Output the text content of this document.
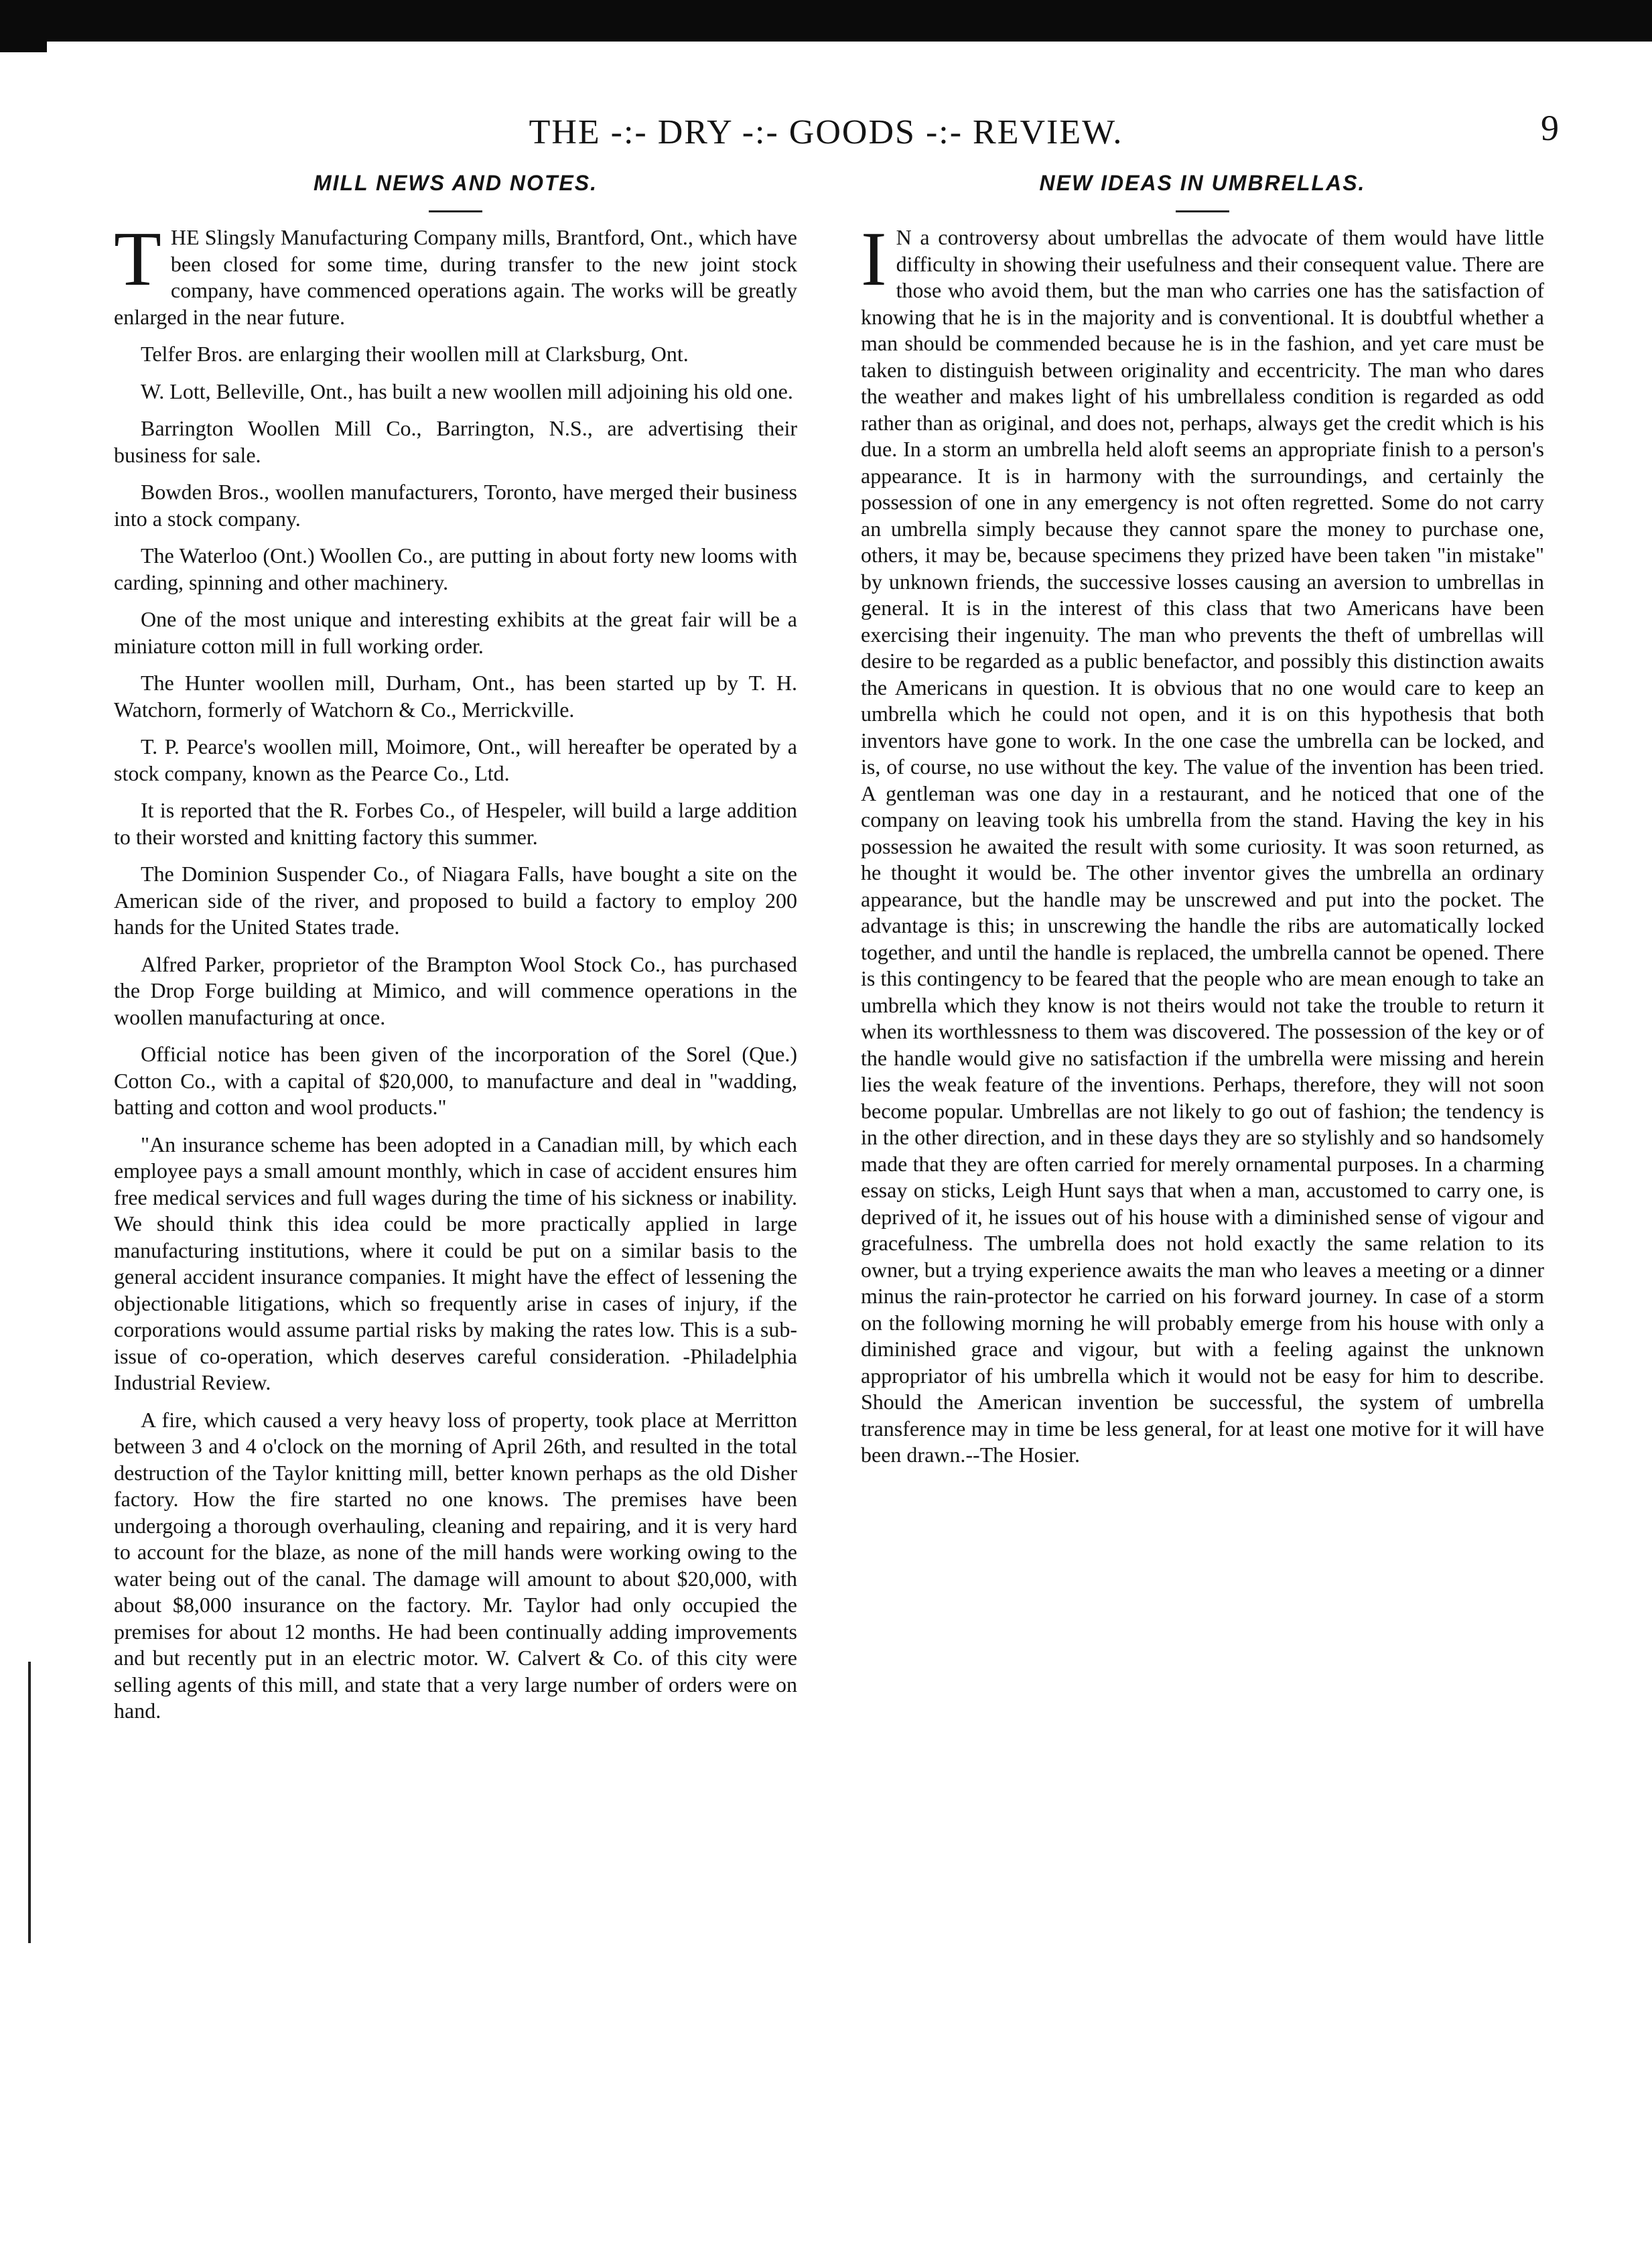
THE -:- DRY -:- GOODS -:- REVIEW.	9
MILL NEWS AND NOTES.

THE Slingsly Manufacturing Company mills, Brantford, Ont., which have been closed for some time, during transfer to the new joint stock company, have commenced operations again. The works will be greatly enlarged in the near future.

Telfer Bros. are enlarging their woollen mill at Clarksburg, Ont.

W. Lott, Belleville, Ont., has built a new woollen mill adjoining his old one.

Barrington Woollen Mill Co., Barrington, N.S., are advertising their business for sale.

Bowden Bros., woollen manufacturers, Toronto, have merged their business into a stock company.

The Waterloo (Ont.) Woollen Co., are putting in about forty new looms with carding, spinning and other machinery.

One of the most unique and interesting exhibits at the great fair will be a miniature cotton mill in full working order.

The Hunter woollen mill, Durham, Ont., has been started up by T. H. Watchorn, formerly of Watchorn & Co., Merrickville.

T. P. Pearce's woollen mill, Moimore, Ont., will hereafter be operated by a stock company, known as the Pearce Co., Ltd.

It is reported that the R. Forbes Co., of Hespeler, will build a large addition to their worsted and knitting factory this summer.

The Dominion Suspender Co., of Niagara Falls, have bought a site on the American side of the river, and proposed to build a factory to employ 200 hands for the United States trade.

Alfred Parker, proprietor of the Brampton Wool Stock Co., has purchased the Drop Forge building at Mimico, and will commence operations in the woollen manufacturing at once.

Official notice has been given of the incorporation of the Sorel (Que.) Cotton Co., with a capital of $20,000, to manufacture and deal in "wadding, batting and cotton and wool products."

"An insurance scheme has been adopted in a Canadian mill, by which each employee pays a small amount monthly, which in case of accident ensures him free medical services and full wages during the time of his sickness or inability. We should think this idea could be more practically applied in large manufacturing institutions, where it could be put on a similar basis to the general accident insurance companies. It might have the effect of lessening the objectionable litigations, which so frequently arise in cases of injury, if the corporations would assume partial risks by making the rates low. This is a sub-issue of co-operation, which deserves careful consideration. -Philadelphia Industrial Review.

A fire, which caused a very heavy loss of property, took place at Merritton between 3 and 4 o'clock on the morning of April 26th, and resulted in the total destruction of the Taylor knitting mill, better known perhaps as the old Disher factory. How the fire started no one knows. The premises have been undergoing a thorough overhauling, cleaning and repairing, and it is very hard to account for the blaze, as none of the mill hands were working owing to the water being out of the canal. The damage will amount to about $20,000, with about $8,000 insurance on the factory. Mr. Taylor had only occupied the premises for about 12 months. He had been continually adding improvements and but recently put in an electric motor. W. Calvert & Co. of this city were selling agents of this mill, and state that a very large number of orders were on hand.

NEW IDEAS IN UMBRELLAS.

I N a controversy about umbrellas the advocate of them would have little difficulty in showing their usefulness and their consequent value. There are those who avoid them, but the man who carries one has the satisfaction of knowing that he is in the majority and is conventional. It is doubtful whether a man should be commended because he is in the fashion, and yet care must be taken to distinguish between originality and eccentricity. The man who dares the weather and makes light of his umbrellaless condition is regarded as odd rather than as original, and does not, perhaps, always get the credit which is his due. In a storm an umbrella held aloft seems an appropriate finish to a person's appearance. It is in harmony with the surroundings, and certainly the possession of one in any emergency is not often regretted. Some do not carry an umbrella simply because they cannot spare the money to purchase one, others, it may be, because specimens they prized have been taken "in mistake" by unknown friends, the successive losses causing an aversion to umbrellas in general. It is in the interest of this class that two Americans have been exercising their ingenuity. The man who prevents the theft of umbrellas will desire to be regarded as a public benefactor, and possibly this distinction awaits the Americans in question. It is obvious that no one would care to keep an umbrella which he could not open, and it is on this hypothesis that both inventors have gone to work. In the one case the umbrella can be locked, and is, of course, no use without the key. The value of the invention has been tried. A gentleman was one day in a restaurant, and he noticed that one of the company on leaving took his umbrella from the stand. Having the key in his possession he awaited the result with some curiosity. It was soon returned, as he thought it would be. The other inventor gives the umbrella an ordinary appearance, but the handle may be unscrewed and put into the pocket. The advantage is this; in unscrewing the handle the ribs are automatically locked together, and until the handle is replaced, the umbrella cannot be opened. There is this contingency to be feared that the people who are mean enough to take an umbrella which they know is not theirs would not take the trouble to return it when its worthlessness to them was discovered. The possession of the key or of the handle would give no satisfaction if the umbrella were missing and herein lies the weak feature of the inventions. Perhaps, therefore, they will not soon become popular. Umbrellas are not likely to go out of fashion; the tendency is in the other direction, and in these days they are so stylishly and so handsomely made that they are often carried for merely ornamental purposes. In a charming essay on sticks, Leigh Hunt says that when a man, accustomed to carry one, is deprived of it, he issues out of his house with a diminished sense of vigour and gracefulness. The umbrella does not hold exactly the same relation to its owner, but a trying experience awaits the man who leaves a meeting or a dinner minus the rain-protector he carried on his forward journey. In case of a storm on the following morning he will probably emerge from his house with only a diminished grace and vigour, but with a feeling against the unknown appropriator of his umbrella which it would not be easy for him to describe. Should the American invention be successful, the system of umbrella transference may in time be less general, for at least one motive for it will have been drawn.--The Hosier.
